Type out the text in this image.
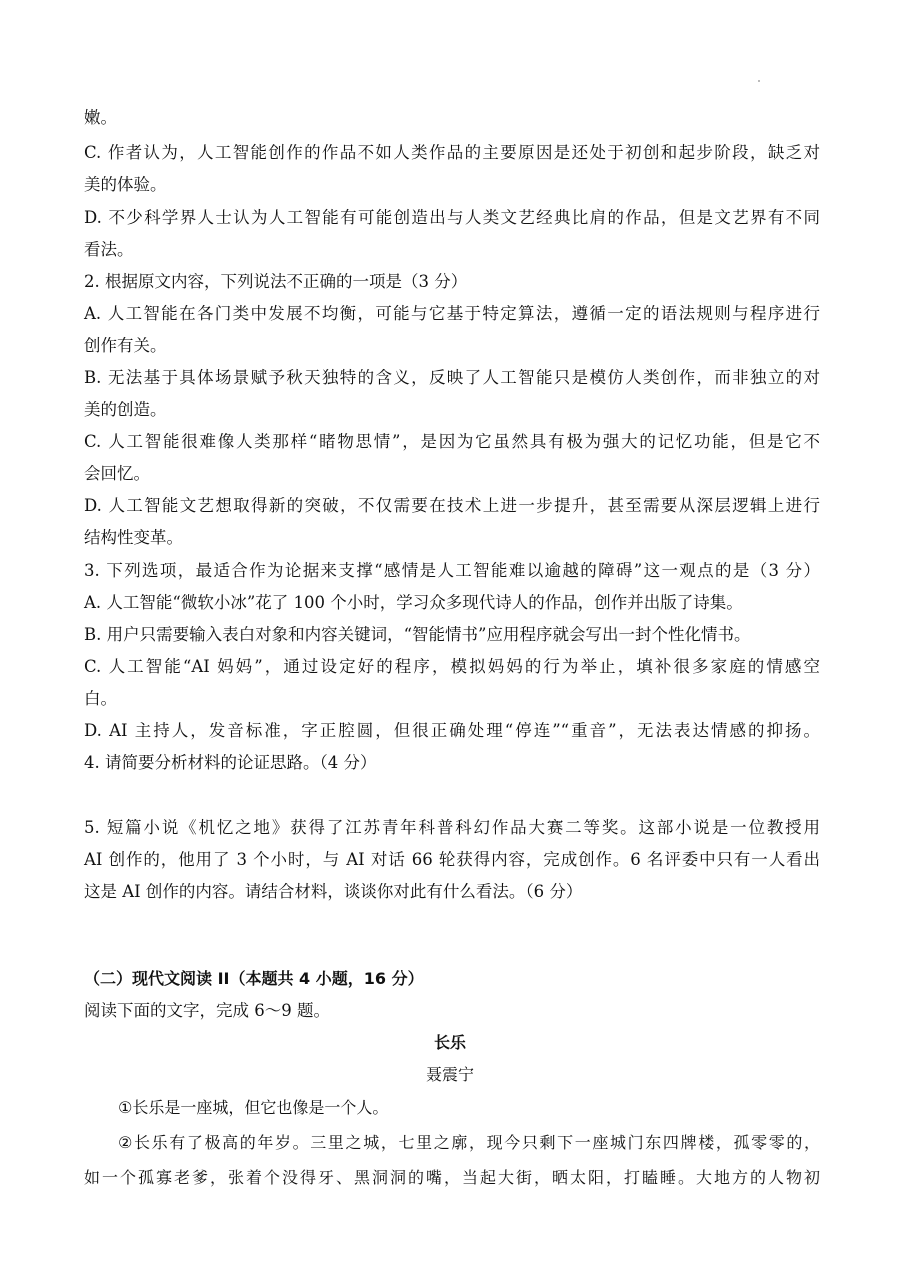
嫩。
C. 作者认为，人工智能创作的作品不如人类作品的主要原因是还处于初创和起步阶段，缺乏对
美的体验。
D. 不少科学界人士认为人工智能有可能创造出与人类文艺经典比肩的作品，但是文艺界有不同
看法。
2. 根据原文内容，下列说法不正确的一项是（3 分）
A. 人工智能在各门类中发展不均衡，可能与它基于特定算法，遵循一定的语法规则与程序进行
创作有关。
B. 无法基于具体场景赋予秋天独特的含义，反映了人工智能只是模仿人类创作，而非独立的对
美的创造。
C. 人工智能很难像人类那样“睹物思情”，是因为它虽然具有极为强大的记忆功能，但是它不
会回忆。
D. 人工智能文艺想取得新的突破，不仅需要在技术上进一步提升，甚至需要从深层逻辑上进行
结构性变革。
3. 下列选项，最适合作为论据来支撑“感情是人工智能难以逾越的障碍”这一观点的是（3 分）
A. 人工智能“微软小冰”花了 100 个小时，学习众多现代诗人的作品，创作并出版了诗集。
B. 用户只需要输入表白对象和内容关键词，“智能情书”应用程序就会写出一封个性化情书。
C. 人工智能“AI 妈妈”，通过设定好的程序，模拟妈妈的行为举止，填补很多家庭的情感空
白。
D. AI 主持人，发音标准，字正腔圆，但很正确处理“停连”“重音”，无法表达情感的抑扬。
4. 请简要分析材料的论证思路。（4 分）
5. 短篇小说《机忆之地》获得了江苏青年科普科幻作品大赛二等奖。这部小说是一位教授用
AI 创作的，他用了 3 个小时，与 AI 对话 66 轮获得内容，完成创作。6 名评委中只有一人看出
这是 AI 创作的内容。请结合材料，谈谈你对此有什么看法。（6 分）
（二）现代文阅读 II（本题共 4 小题，16 分）
阅读下面的文字，完成 6～9 题。
长乐
聂震宁
①长乐是一座城，但它也像是一个人。
②长乐有了极高的年岁。三里之城，七里之廓，现今只剩下一座城门东四牌楼，孤零零的，
如一个孤寡老爹，张着个没得牙、黑洞洞的嘴，当起大街，晒太阳，打瞌睡。大地方的人物初
